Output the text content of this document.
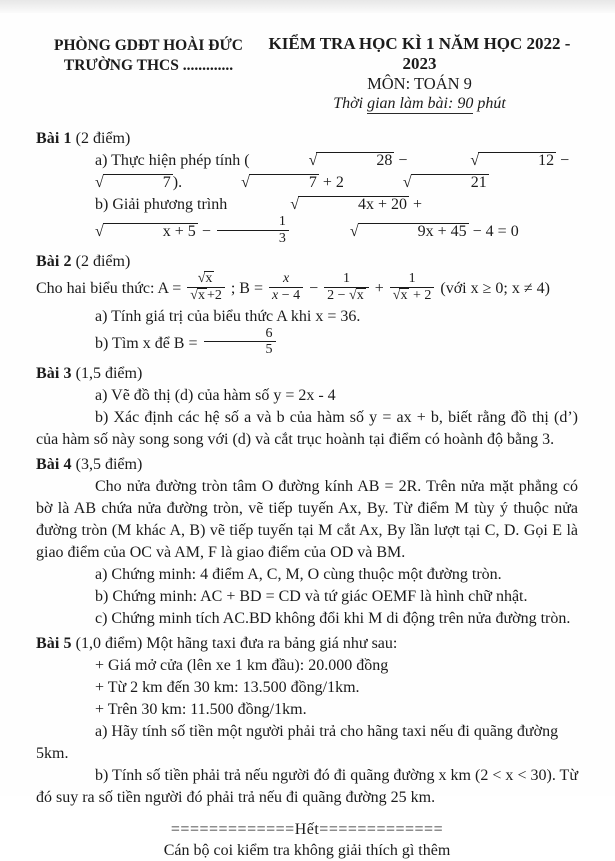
PHÒNG GDĐT HOÀI ĐỨC
TRƯỜNG THCS .............
KIỂM TRA HỌC KÌ 1 NĂM HỌC 2022 - 2023
MÔN: TOÁN 9
Thời gian làm bài: 90 phút

Bài 1 (2 điểm)

a) Thực hiện phép tính (	√	28 −	√	12 − √	7 ).	√	7 + 2	√	21

b) Giải phương trình	√	4x + 20 + √	$x + 5 - \frac{1}{3}$	√	9x + 45 − 4 = 0

Bài 2 (2 điểm)

Cho hai biểu thức: $A = \frac{√x}{√x +2}$ ; $B = \frac{x}{x - 4} - \frac{1}{2 - √x} + \frac{1}{√x + 2}$ (với x ≥ 0; x ≠ 4)

a) Tính giá trị của biểu thức A khi x = 36.

b) Tìm x để $B = \frac{6}{5}$

Bài 3 (1,5 điểm)

a) Vẽ đồ thị (d) của hàm số y = 2x - 4

b) Xác định các hệ số a và b của hàm số y = ax + b, biết rằng đồ thị (d’) của hàm số này song song với (d) và cắt trục hoành tại điểm có hoành độ bằng 3.

Bài 4 (3,5 điểm)

Cho nửa đường tròn tâm O đường kính AB = 2R. Trên nửa mặt phẳng có bờ là AB chứa nửa đường tròn, vẽ tiếp tuyến Ax, By. Từ điểm M tùy ý thuộc nửa đường tròn (M khác A, B) vẽ tiếp tuyến tại M cắt Ax, By lần lượt tại C, D. Gọi E là giao điểm của OC và AM, F là giao điểm của OD và BM.

a) Chứng minh: 4 điểm A, C, M, O cùng thuộc một đường tròn.

b) Chứng minh: AC + BD = CD và tứ giác OEMF là hình chữ nhật.

c) Chứng minh tích AC.BD không đổi khi M di động trên nửa đường tròn.

Bài 5 (1,0 điểm) Một hãng taxi đưa ra bảng giá như sau:

+ Giá mở cửa (lên xe 1 km đầu): 20.000 đồng

+ Từ 2 km đến 30 km: 13.500 đồng/1km.

+ Trên 30 km: 11.500 đồng/1km.

a) Hãy tính số tiền một người phải trả cho hãng taxi nếu đi quãng đường 5km.

b) Tính số tiền phải trả nếu người đó đi quãng đường x km (2 < x < 30). Từ đó suy ra số tiền người đó phải trả nếu đi quãng đường 25 km.

=============Hết=============
Cán bộ coi kiểm tra không giải thích gì thêm
